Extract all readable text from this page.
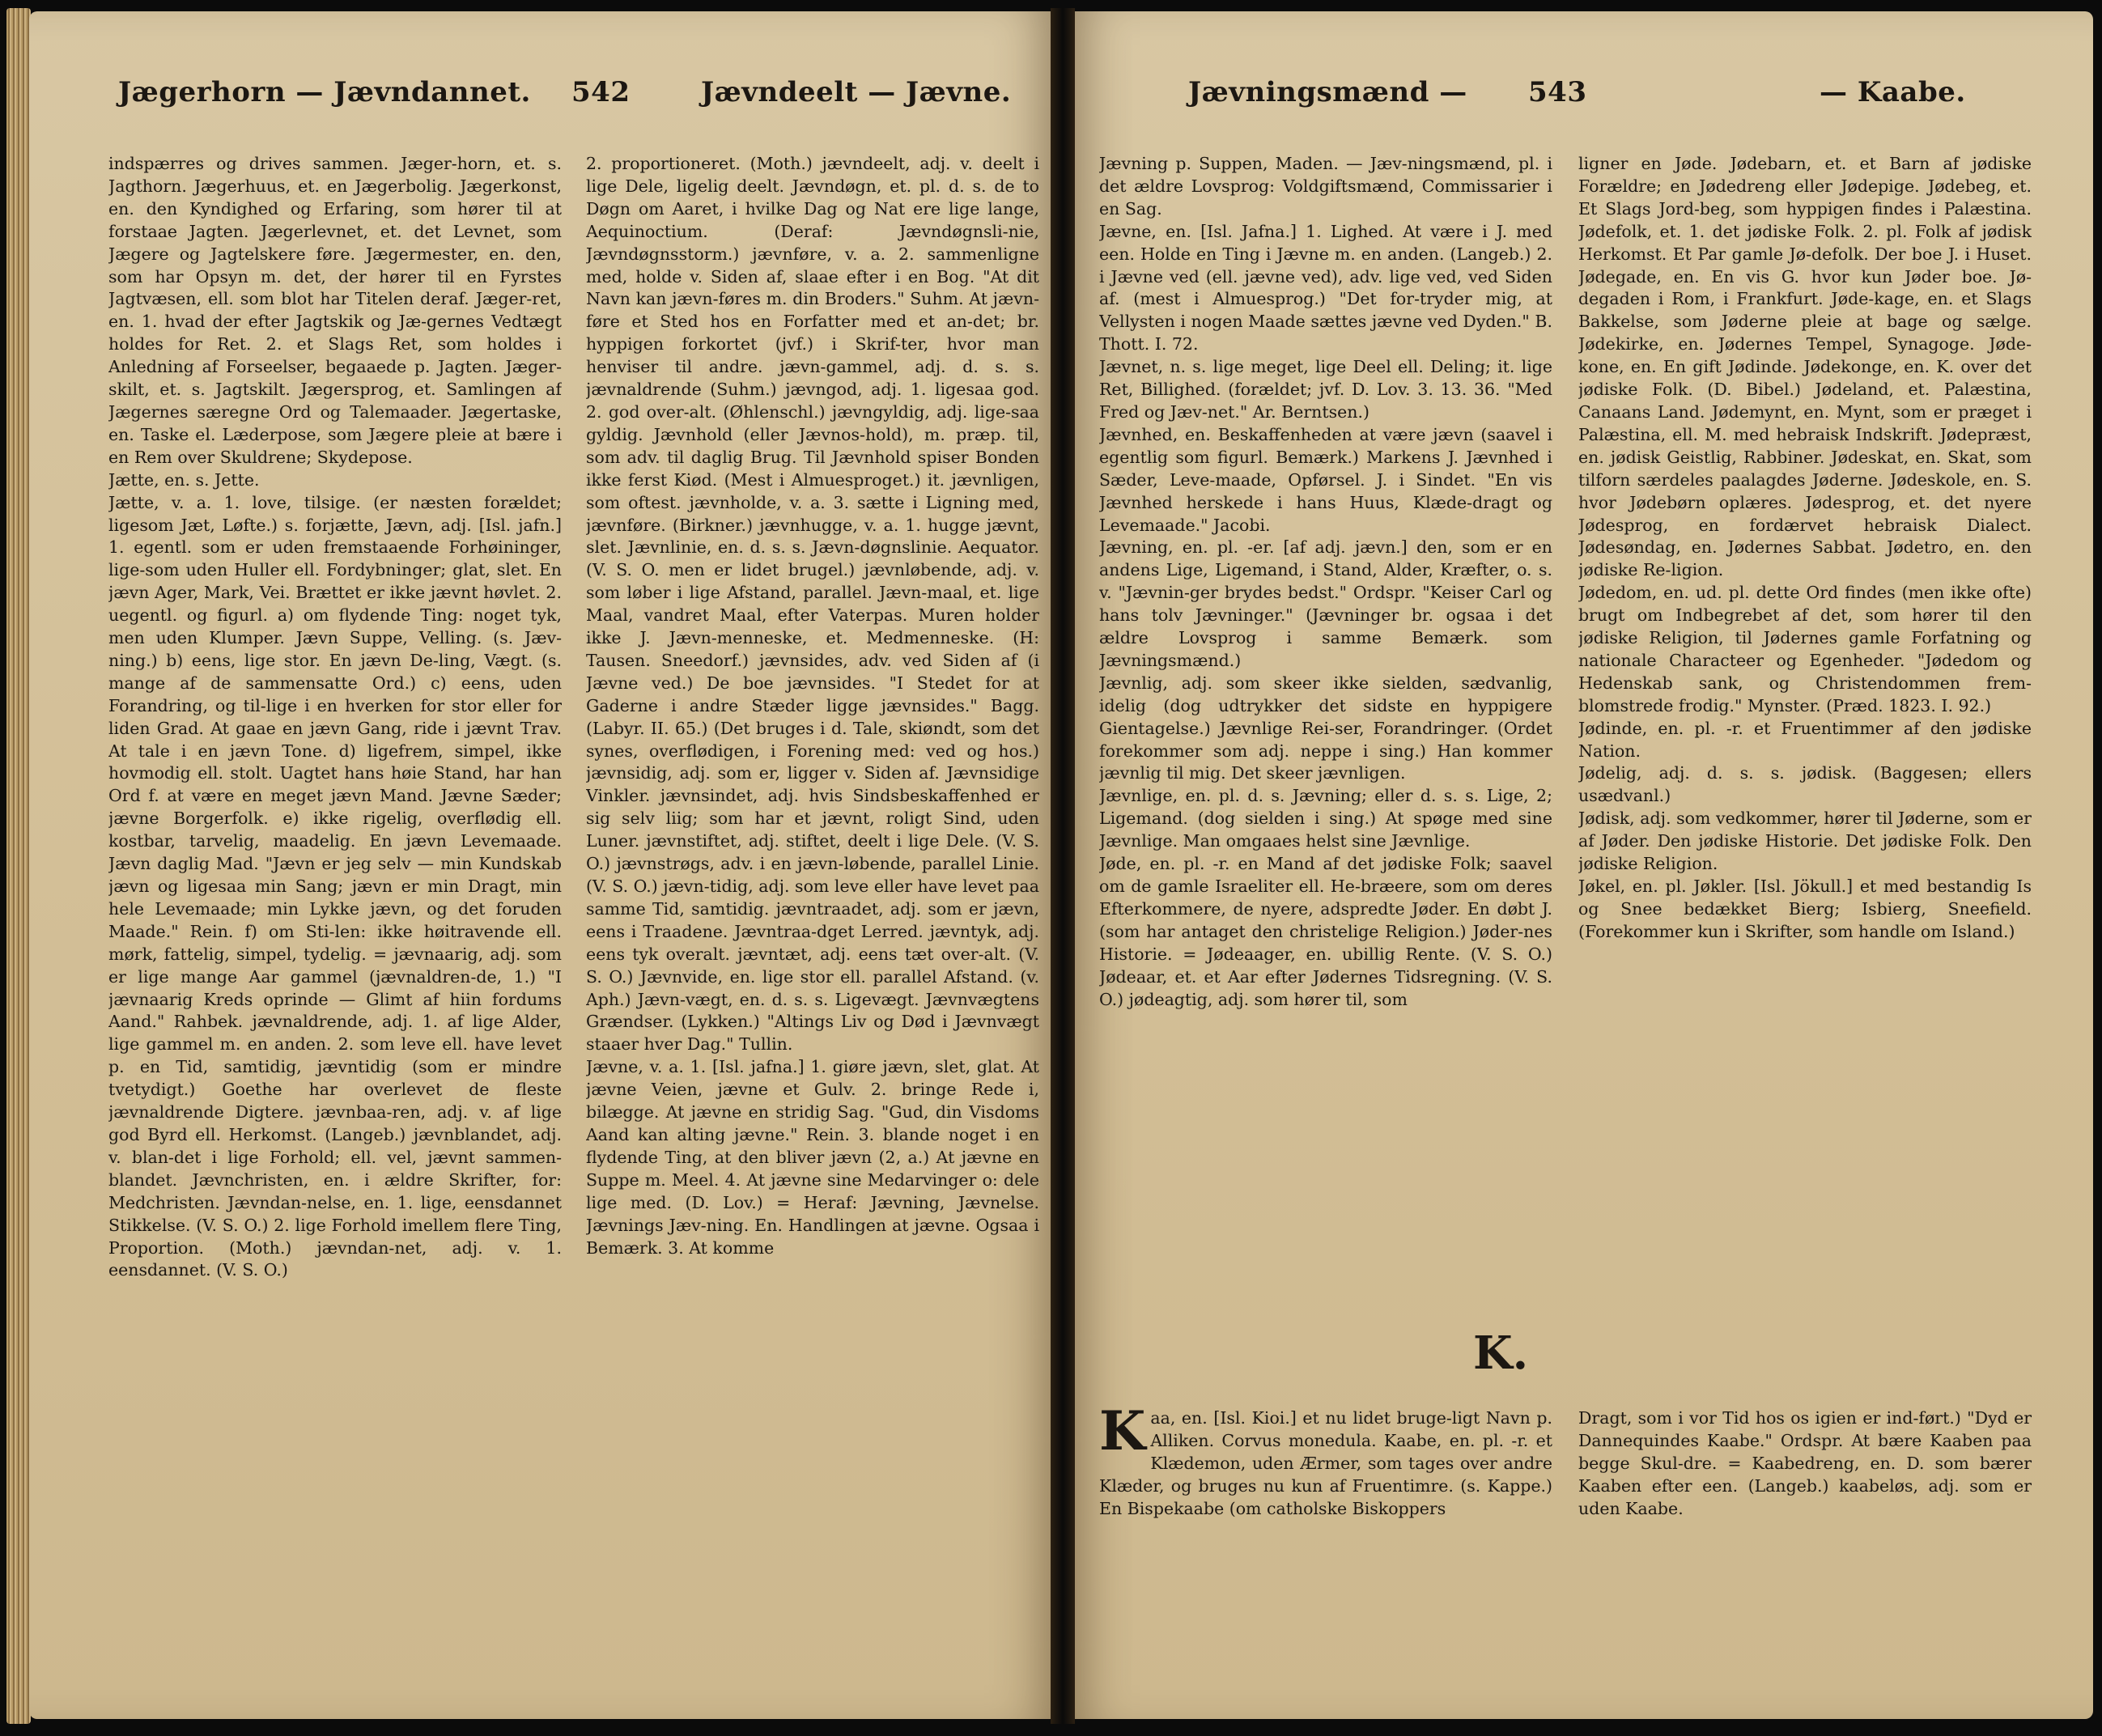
Jægerhorn — Jævndannet. 542	Jævndeelt — Jævne.

indspærres og drives sammen. Jæger-horn, et. s. Jagthorn. Jægerhuus, et. en Jægerbolig. Jægerkonst, en. den Kyndighed og Erfaring, som hører til at forstaae Jagten. Jægerlevnet, et. det Levnet, som Jægere og Jagtelskere føre. Jægermester, en. den, som har Opsyn m. det, der hører til en Fyrstes Jagtvæsen, ell. som blot har Titelen deraf. Jæger-ret, en. 1. hvad der efter Jagtskik og Jæ-gernes Vedtægt holdes for Ret. 2. et Slags Ret, som holdes i Anledning af Forseelser, begaaede p. Jagten. Jæger-skilt, et. s. Jagtskilt. Jægersprog, et. Samlingen af Jægernes særegne Ord og Talemaader. Jægertaske, en. Taske el. Læderpose, som Jægere pleie at bære i en Rem over Skuldrene; Skydepose.

Jætte, en. s. Jette.

Jætte, v. a. 1. love, tilsige. (er næsten forældet; ligesom Jæt, Løfte.) s. forjætte, Jævn, adj. [Isl. jafn.] 1. egentl. som er uden fremstaaende Forhøininger, lige-som uden Huller ell. Fordybninger; glat, slet. En jævn Ager, Mark, Vei. Brættet er ikke jævnt høvlet. 2. uegentl. og figurl. a) om flydende Ting: noget tyk, men uden Klumper. Jævn Suppe, Velling. (s. Jæv-ning.) b) eens, lige stor. En jævn De-ling, Vægt. (s. mange af de sammensatte Ord.) c) eens, uden Forandring, og til-lige i en hverken for stor eller for liden Grad. At gaae en jævn Gang, ride i jævnt Trav. At tale i en jævn Tone. d) ligefrem, simpel, ikke hovmodig ell. stolt. Uagtet hans høie Stand, har han Ord f. at være en meget jævn Mand. Jævne Sæder; jævne Borgerfolk. e) ikke rigelig, overflødig ell. kostbar, tarvelig, maadelig. En jævn Levemaade. Jævn daglig Mad. "Jævn er jeg selv — min Kundskab jævn og ligesaa min Sang; jævn er min Dragt, min hele Levemaade; min Lykke jævn, og det foruden Maade." Rein. f) om Sti-len: ikke høitravende ell. mørk, fattelig, simpel, tydelig. = jævnaarig, adj. som er lige mange Aar gammel (jævnaldren-de, 1.) "I jævnaarig Kreds oprinde — Glimt af hiin fordums Aand." Rahbek. jævnaldrende, adj. 1. af lige Alder, lige gammel m. en anden. 2. som leve ell. have levet p. en Tid, samtidig, jævntidig (som er mindre tvetydigt.) Goethe har overlevet de fleste jævnaldrende Digtere. jævnbaa-ren, adj. v. af lige god Byrd ell. Herkomst. (Langeb.) jævnblandet, adj. v. blan-det i lige Forhold; ell. vel, jævnt sammen-blandet. Jævnchristen, en. i ældre Skrifter, for: Medchristen. Jævndan-nelse, en. 1. lige, eensdannet Stikkelse. (V. S. O.) 2. lige Forhold imellem flere Ting, Proportion. (Moth.) jævndan-net, adj. v. 1. eensdannet. (V. S. O.)

2. proportioneret. (Moth.) jævndeelt, adj. v. deelt i lige Dele, ligelig deelt. Jævndøgn, et. pl. d. s. de to Døgn om Aaret, i hvilke Dag og Nat ere lige lange, Aequinoctium. (Deraf: Jævndøgnsli-nie, Jævndøgnsstorm.) jævnføre, v. a. 2. sammenligne med, holde v. Siden af, slaae efter i en Bog. "At dit Navn kan jævn-føres m. din Broders." Suhm. At jævn-føre et Sted hos en Forfatter med et an-det; br. hyppigen forkortet (jvf.) i Skrif-ter, hvor man henviser til andre. jævn-gammel, adj. d. s. s. jævnaldrende (Suhm.) jævngod, adj. 1. ligesaa god. 2. god over-alt. (Øhlenschl.) jævngyldig, adj. lige-saa gyldig. Jævnhold (eller Jævnos-hold), m. præp. til, som adv. til daglig Brug. Til Jævnhold spiser Bonden ikke ferst Kiød. (Mest i Almuesproget.) it. jævnligen, som oftest. jævnholde, v. a. 3. sætte i Ligning med, jævnføre. (Birkner.) jævnhugge, v. a. 1. hugge jævnt, slet. Jævnlinie, en. d. s. s. Jævn-døgnslinie. Aequator. (V. S. O. men er lidet brugel.) jævnløbende, adj. v. som løber i lige Afstand, parallel. Jævn-maal, et. lige Maal, vandret Maal, efter Vaterpas. Muren holder ikke J. Jævn-menneske, et. Medmenneske. (H: Tausen. Sneedorf.) jævnsides, adv. ved Siden af (i Jævne ved.) De boe jævnsides. "I Stedet for at Gaderne i andre Stæder ligge jævnsides." Bagg. (Labyr. II. 65.) (Det bruges i d. Tale, skiøndt, som det synes, overflødigen, i Forening med: ved og hos.) jævnsidig, adj. som er, ligger v. Siden af. Jævnsidige Vinkler. jævnsindet, adj. hvis Sindsbeskaffenhed er sig selv liig; som har et jævnt, roligt Sind, uden Luner. jævnstiftet, adj. stiftet, deelt i lige Dele. (V. S. O.) jævnstrøgs, adv. i en jævn-løbende, parallel Linie. (V. S. O.) jævn-tidig, adj. som leve eller have levet paa samme Tid, samtidig. jævntraadet, adj. som er jævn, eens i Traadene. Jævntraa-dget Lerred. jævntyk, adj. eens tyk overalt. jævntæt, adj. eens tæt over-alt. (V. S. O.) Jævnvide, en. lige stor ell. parallel Afstand. (v. Aph.) Jævn-vægt, en. d. s. s. Ligevægt. Jævnvægtens Grændser. (Lykken.) "Altings Liv og Død i Jævnvægt staaer hver Dag." Tullin.

Jævne, v. a. 1. [Isl. jafna.] 1. giøre jævn, slet, glat. At jævne Veien, jævne et Gulv. 2. bringe Rede i, bilægge. At jævne en stridig Sag. "Gud, din Visdoms Aand kan alting jævne." Rein. 3. blande noget i en flydende Ting, at den bliver jævn (2, a.) At jævne en Suppe m. Meel. 4. At jævne sine Medarvinger o: dele lige med. (D. Lov.) = Heraf: Jævning, Jævnelse. Jævnings Jæv-ning. En. Handlingen at jævne. Ogsaa i Bemærk. 3. At komme

Jævningsmænd — 543	— Kaabe.

Jævning p. Suppen, Maden. — Jæv-ningsmænd, pl. i det ældre Lovsprog: Voldgiftsmænd, Commissarier i en Sag.

Jævne, en. [Isl. Jafna.] 1. Lighed. At være i J. med een. Holde en Ting i Jævne m. en anden. (Langeb.) 2. i Jævne ved (ell. jævne ved), adv. lige ved, ved Siden af. (mest i Almuesprog.) "Det for-tryder mig, at Vellysten i nogen Maade sættes jævne ved Dyden." B. Thott. I. 72.

Jævnet, n. s. lige meget, lige Deel ell. Deling; it. lige Ret, Billighed. (forældet; jvf. D. Lov. 3. 13. 36. "Med Fred og Jæv-net." Ar. Berntsen.)

Jævnhed, en. Beskaffenheden at være jævn (saavel i egentlig som figurl. Bemærk.) Markens J. Jævnhed i Sæder, Leve-maade, Opførsel. J. i Sindet. "En vis Jævnhed herskede i hans Huus, Klæde-dragt og Levemaade." Jacobi.

Jævning, en. pl. -er. [af adj. jævn.] den, som er en andens Lige, Ligemand, i Stand, Alder, Kræfter, o. s. v. "Jævnin-ger brydes bedst." Ordspr. "Keiser Carl og hans tolv Jævninger." (Jævninger br. ogsaa i det ældre Lovsprog i samme Bemærk. som Jævningsmænd.)

Jævnlig, adj. som skeer ikke sielden, sædvanlig, idelig (dog udtrykker det sidste en hyppigere Gientagelse.) Jævnlige Rei-ser, Forandringer. (Ordet forekommer som adj. neppe i sing.) Han kommer jævnlig til mig. Det skeer jævnligen.

Jævnlige, en. pl. d. s. Jævning; eller d. s. s. Lige, 2; Ligemand. (dog sielden i sing.) At spøge med sine Jævnlige. Man omgaaes helst sine Jævnlige.

Jøde, en. pl. -r. en Mand af det jødiske Folk; saavel om de gamle Israeliter ell. He-bræere, som om deres Efterkommere, de nyere, adspredte Jøder. En døbt J. (som har antaget den christelige Religion.) Jøder-nes Historie. = Jødeaager, en. ubillig Rente. (V. S. O.) Jødeaar, et. et Aar efter Jødernes Tidsregning. (V. S. O.) jødeagtig, adj. som hører til, som

ligner en Jøde. Jødebarn, et. et Barn af jødiske Forældre; en Jødedreng eller Jødepige. Jødebeg, et. Et Slags Jord-beg, som hyppigen findes i Palæstina. Jødefolk, et. 1. det jødiske Folk. 2. pl. Folk af jødisk Herkomst. Et Par gamle Jø-defolk. Der boe J. i Huset. Jødegade, en. En vis G. hvor kun Jøder boe. Jø-degaden i Rom, i Frankfurt. Jøde-kage, en. et Slags Bakkelse, som Jøderne pleie at bage og sælge. Jødekirke, en. Jødernes Tempel, Synagoge. Jøde-kone, en. En gift Jødinde. Jødekonge, en. K. over det jødiske Folk. (D. Bibel.) Jødeland, et. Palæstina, Canaans Land. Jødemynt, en. Mynt, som er præget i Palæstina, ell. M. med hebraisk Indskrift. Jødepræst, en. jødisk Geistlig, Rabbiner. Jødeskat, en. Skat, som tilforn særdeles paalagdes Jøderne. Jødeskole, en. S. hvor Jødebørn oplæres. Jødesprog, et. det nyere Jødesprog, en fordærvet hebraisk Dialect. Jødesøndag, en. Jødernes Sabbat. Jødetro, en. den jødiske Re-ligion.

Jødedom, en. ud. pl. dette Ord findes (men ikke ofte) brugt om Indbegrebet af det, som hører til den jødiske Religion, til Jødernes gamle Forfatning og nationale Characteer og Egenheder. "Jødedom og Hedenskab sank, og Christendommen frem-blomstrede frodig." Mynster. (Præd. 1823. I. 92.)

Jødinde, en. pl. -r. et Fruentimmer af den jødiske Nation.

Jødelig, adj. d. s. s. jødisk. (Baggesen; ellers usædvanl.)

Jødisk, adj. som vedkommer, hører til Jøderne, som er af Jøder. Den jødiske Historie. Det jødiske Folk. Den jødiske Religion.

Jøkel, en. pl. Jøkler. [Isl. Jökull.] et med bestandig Is og Snee bedækket Bierg; Isbierg, Sneefield. (Forekommer kun i Skrifter, som handle om Island.)

K.
Kaa, en. [Isl. Kioi.] et nu lidet bruge-ligt Navn p. Alliken. Corvus monedula. Kaabe, en. pl. -r. et Klædemon, uden Ærmer, som tages over andre Klæder, og bruges nu kun af Fruentimre. (s. Kappe.) En Bispekaabe (om catholske Biskoppers
Dragt, som i vor Tid hos os igien er ind-ført.) "Dyd er Dannequindes Kaabe." Ordspr. At bære Kaaben paa begge Skul-dre. = Kaabedreng, en. D. som bærer Kaaben efter een. (Langeb.) kaabeløs, adj. som er uden Kaabe.
